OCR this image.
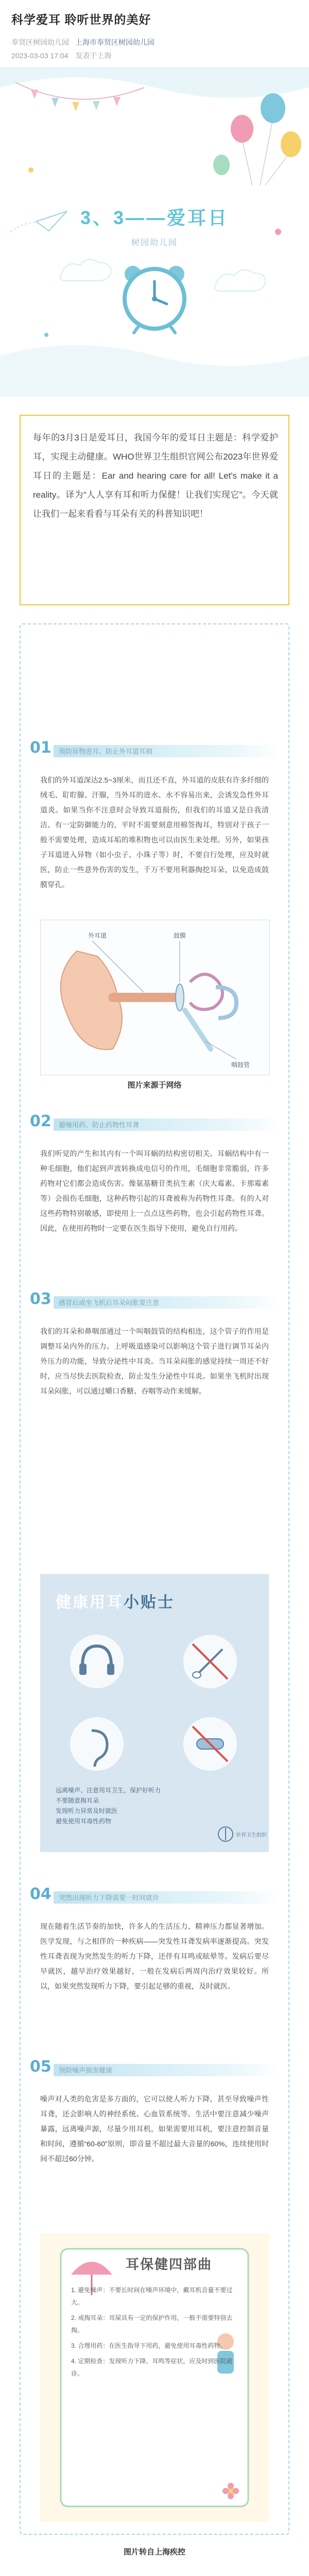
科学爱耳 聆听世界的美好
奉贤区树园幼儿园 上海市奉贤区树园幼儿园
2023-03-03 17:04 发表于上海
3、3——爱耳日
树园幼儿园
每年的3月3日是爱耳日，我国今年的爱耳日主题是：科学爱护耳，实现主动健康。WHO世界卫生组织官网公布2023年世界爱耳日的主题是：Ear and hearing care for all! Let's make it a reality。译为“人人享有耳和听力保健！让我们实现它”。今天就让我们一起来看看与耳朵有关的科普知识吧！
01 预防异物进耳、防止外耳道耳损
我们的外耳道深达2.5~3厘米，而且还不直，外耳道的皮肤有许多纤细的绒毛、耵聍腺、汗腺，当外耳的进水、水不容易出来，会诱发急性外耳道炎。如果当你不注意时会导致耳道损伤，但我们的耳道又是自我清洁、有一定防御能力的，平时不需要刻意用棉签掏耳，特别对于孩子一般不需要处理，造成耳垢的堆积物也可以由医生来处理。另外，如果孩子耳道进入异物（如小虫子、小珠子等）时，不要自行处理，应及时就医，防止一些意外伤害的发生，千万不要用利器掏挖耳朵，以免造成鼓膜穿孔。
外耳道	鼓膜
咽鼓管
图片来源于网络
02 避噪用药、防止药物性耳聋
我们听觉的产生和其内有一个叫耳蜗的结构密切相关。耳蜗结构中有一种毛细胞，他们起到声波转换成电信号的作用，毛细胞非常脆弱，许多药物对它们都会造成伤害。像氨基糖苷类抗生素（庆大霉素、卡那霉素等）会损伤毛细胞，这种药物引起的耳聋被称为药物性耳聋。有的人对这些药物特别敏感，即使用上一点点这些药物，也会引起药物性耳聋。因此，在使用药物时一定要在医生指导下使用，避免自行用药。
03 感冒后或坐飞机后耳朵闷胀要注意
我们的耳朵和鼻咽部通过一个叫咽鼓管的结构相连，这个管子的作用是调整耳朵内外的压力。上呼吸道感染可以影响这个管子进行调节耳朵内外压力的功能，导致分泌性中耳炎。当耳朵闷胀的感觉持续一周还不好时，应当尽快去医院检查，防止发生分泌性中耳炎。如果坐飞机时出现耳朵闷胀，可以通过嚼口香糖、吞咽等动作来缓解。
健康用耳小贴士
远离噪声、注意用耳卫生，保护好听力
不要随意掏耳朵
发现听力异常及时就医
避免使用耳毒性药物
世界卫生组织
04 突然出现听力下降需要一时间就诊
现在随着生活节奏的加快，许多人的生活压力、精神压力都显著增加。医学发现，与之相伴的一种疾病——突发性耳聋发病率逐渐提高。突发性耳聋表现为突然发生的听力下降，还伴有耳鸣或眩晕等。发病后要尽早就医，越早治疗效果越好，一般在发病后两周内治疗效果较好。所以，如果突然发现听力下降，要引起足够的重视，及时就医。
05 预防噪声损害健康
噪声对人类的危害是多方面的，它可以使人听力下降，甚至导致噪声性耳聋，还会影响人的神经系统、心血管系统等。生活中要注意减少噪声暴露，远离噪声源，尽量少用耳机，如果需要用耳机，要注意控制音量和时间，遵循“60-60”原则，即音量不超过最大音量的60%，连续使用时间不超过60分钟。
耳保健四部曲
1. 避免噪声：不要长时间在噪声环境中，戴耳机音量不要过大。
2. 戒掏耳朵：耳屎具有一定的保护作用，一般不需要特别去掏。
3. 合理用药：在医生指导下用药，避免使用耳毒性药物。
4. 定期检查：发现听力下降、耳鸣等症状，应及时到医院就诊。
图片转自上海疾控
